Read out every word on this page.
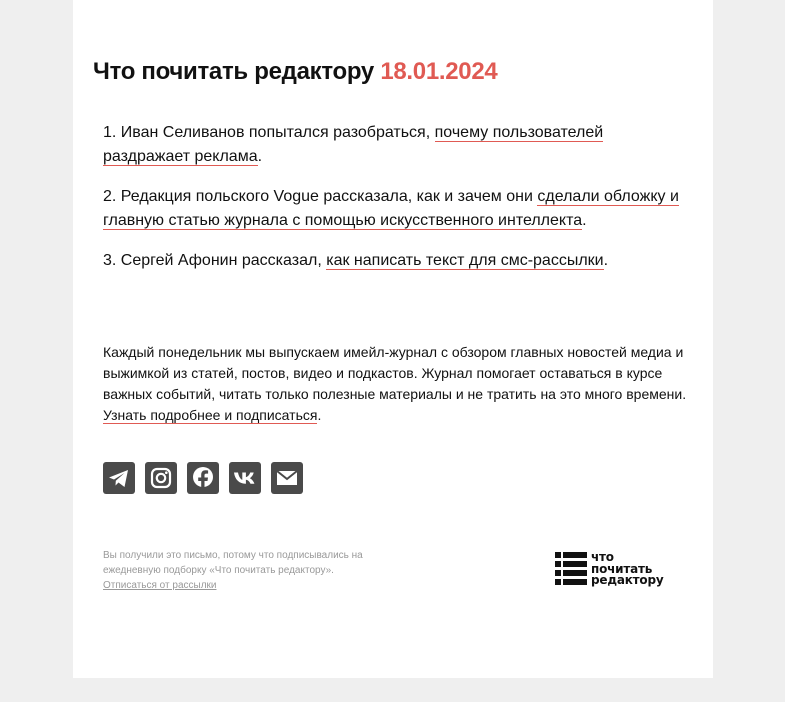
Что почитать редактору 18.01.2024

1. Иван Селиванов попытался разобраться, почему пользователей раздражает реклама.

2. Редакция польского Vogue рассказала, как и зачем они сделали обложку и главную статью журнала с помощью искусственного интеллекта.

3. Сергей Афонин рассказал, как написать текст для смс-рассылки.

Каждый понедельник мы выпускаем имейл-журнал с обзором главных новостей медиа и выжимкой из статей, постов, видео и подкастов. Журнал помогает оставаться в курсе важных событий, читать только полезные материалы и не тратить на это много времени. Узнать подробнее и подписаться.

Вы получили это письмо, потому что подписывались на ежедневную подборку «Что почитать редактору».
Отписаться от рассылки
что
почитать
редактору
